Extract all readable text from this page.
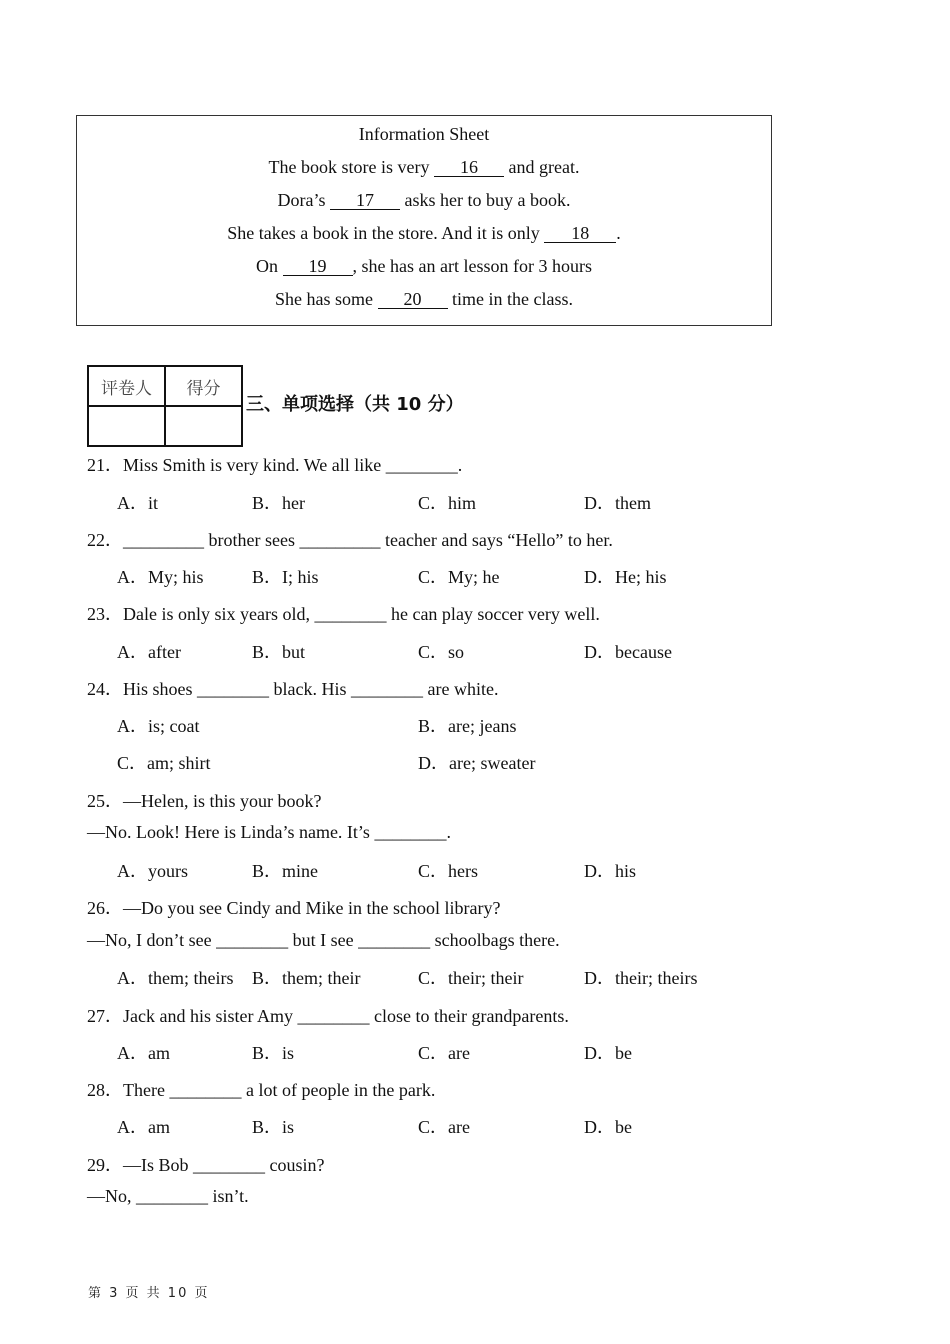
Information Sheet
The book store is very 16 and great.
Dora’s 17 asks her to buy a book.
She takes a book in the store. And it is only 18 .
On 19 , she has an art lesson for 3 hours
She has some 20 time in the class.
评卷人	得分

三、单项选择（共 10 分）
21．Miss Smith is very kind. We all like ________.
A．it	B．her	C．him	D．them
22．_________ brother sees _________ teacher and says “Hello” to her.
A．My; his	B．I; his	C．My; he	D．He; his
23．Dale is only six years old, ________ he can play soccer very well.
A．after	B．but	C．so	D．because
24．His shoes ________ black. His ________ are white.
A．is; coat	B．are; jeans
C．am; shirt	D．are; sweater
25．—Helen, is this your book?
—No. Look! Here is Linda’s name. It’s ________.
A．yours	B．mine	C．hers	D．his
26．—Do you see Cindy and Mike in the school library?
—No, I don’t see ________ but I see ________ schoolbags there.
A．them; theirs B．them; their	C．their; their	D．their; theirs
27．Jack and his sister Amy ________ close to their grandparents.
A．am	B．is	C．are	D．be
28．There ________ a lot of people in the park.
A．am	B．is	C．are	D．be
29．—Is Bob ________ cousin?
—No, ________ isn’t.
第 3 页 共 10 页
